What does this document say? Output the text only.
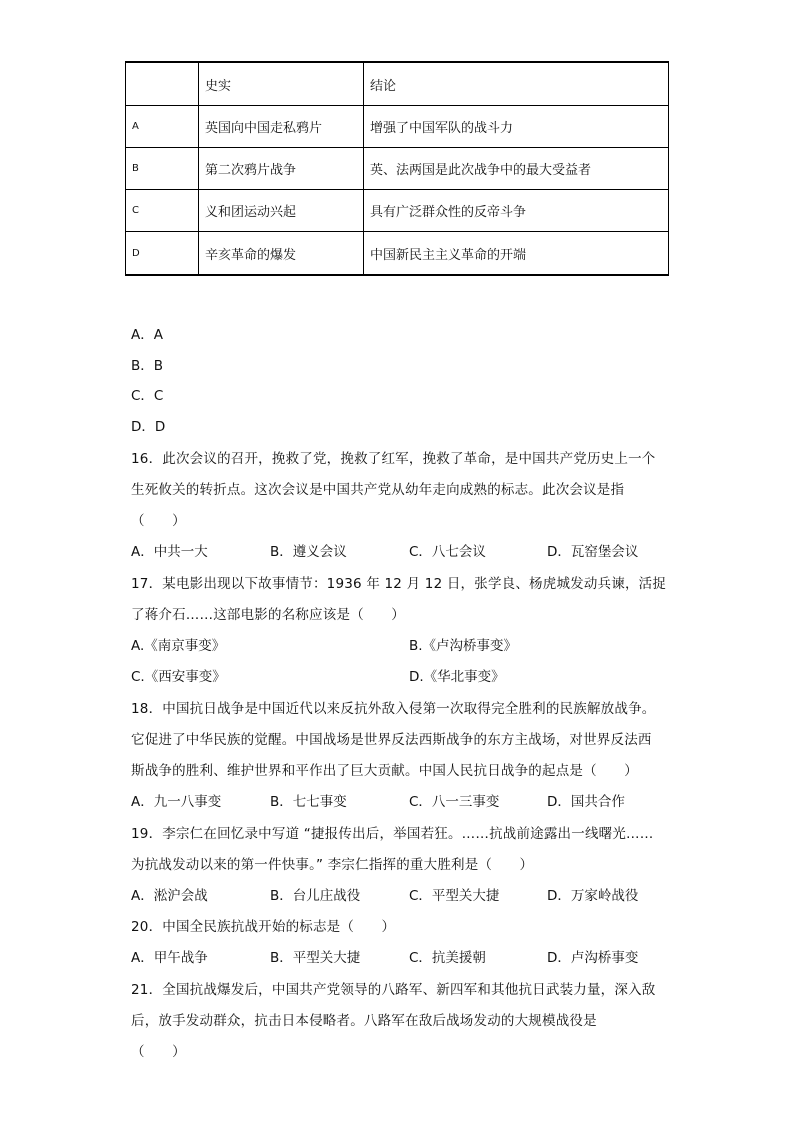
	史实	结论
A	英国向中国走私鸦片	增强了中国军队的战斗力
B	第二次鸦片战争	英、法两国是此次战争中的最大受益者
C	义和团运动兴起	具有广泛群众性的反帝斗争
D	辛亥革命的爆发	中国新民主主义革命的开端
A．A
B．B
C．C
D．D
16．此次会议的召开，挽救了党，挽救了红军，挽救了革命，是中国共产党历史上一个
生死攸关的转折点。这次会议是中国共产党从幼年走向成熟的标志。此次会议是指
（　　）
A．中共一大	B．遵义会议	C．八七会议	D．瓦窑堡会议
17．某电影出现以下故事情节：1936 年 12 月 12 日，张学良、杨虎城发动兵谏，活捉
了蒋介石……这部电影的名称应该是（　　）
A.《南京事变》	B.《卢沟桥事变》
C.《西安事变》	D.《华北事变》
18．中国抗日战争是中国近代以来反抗外敌入侵第一次取得完全胜利的民族解放战争。
它促进了中华民族的觉醒。中国战场是世界反法西斯战争的东方主战场，对世界反法西
斯战争的胜利、维护世界和平作出了巨大贡献。中国人民抗日战争的起点是（　　）
A．九一八事变	B．七七事变	C．八一三事变	D．国共合作
19．李宗仁在回忆录中写道 “捷报传出后，举国若狂。……抗战前途露出一线曙光……
为抗战发动以来的第一件快事。” 李宗仁指挥的重大胜利是（　　）
A．淞沪会战	B．台儿庄战役	C．平型关大捷	D．万家岭战役
20．中国全民族抗战开始的标志是（　　）
A．甲午战争	B．平型关大捷	C．抗美援朝	D．卢沟桥事变
21．全国抗战爆发后，中国共产党领导的八路军、新四军和其他抗日武装力量，深入敌
后，放手发动群众，抗击日本侵略者。八路军在敌后战场发动的大规模战役是
（　　）
